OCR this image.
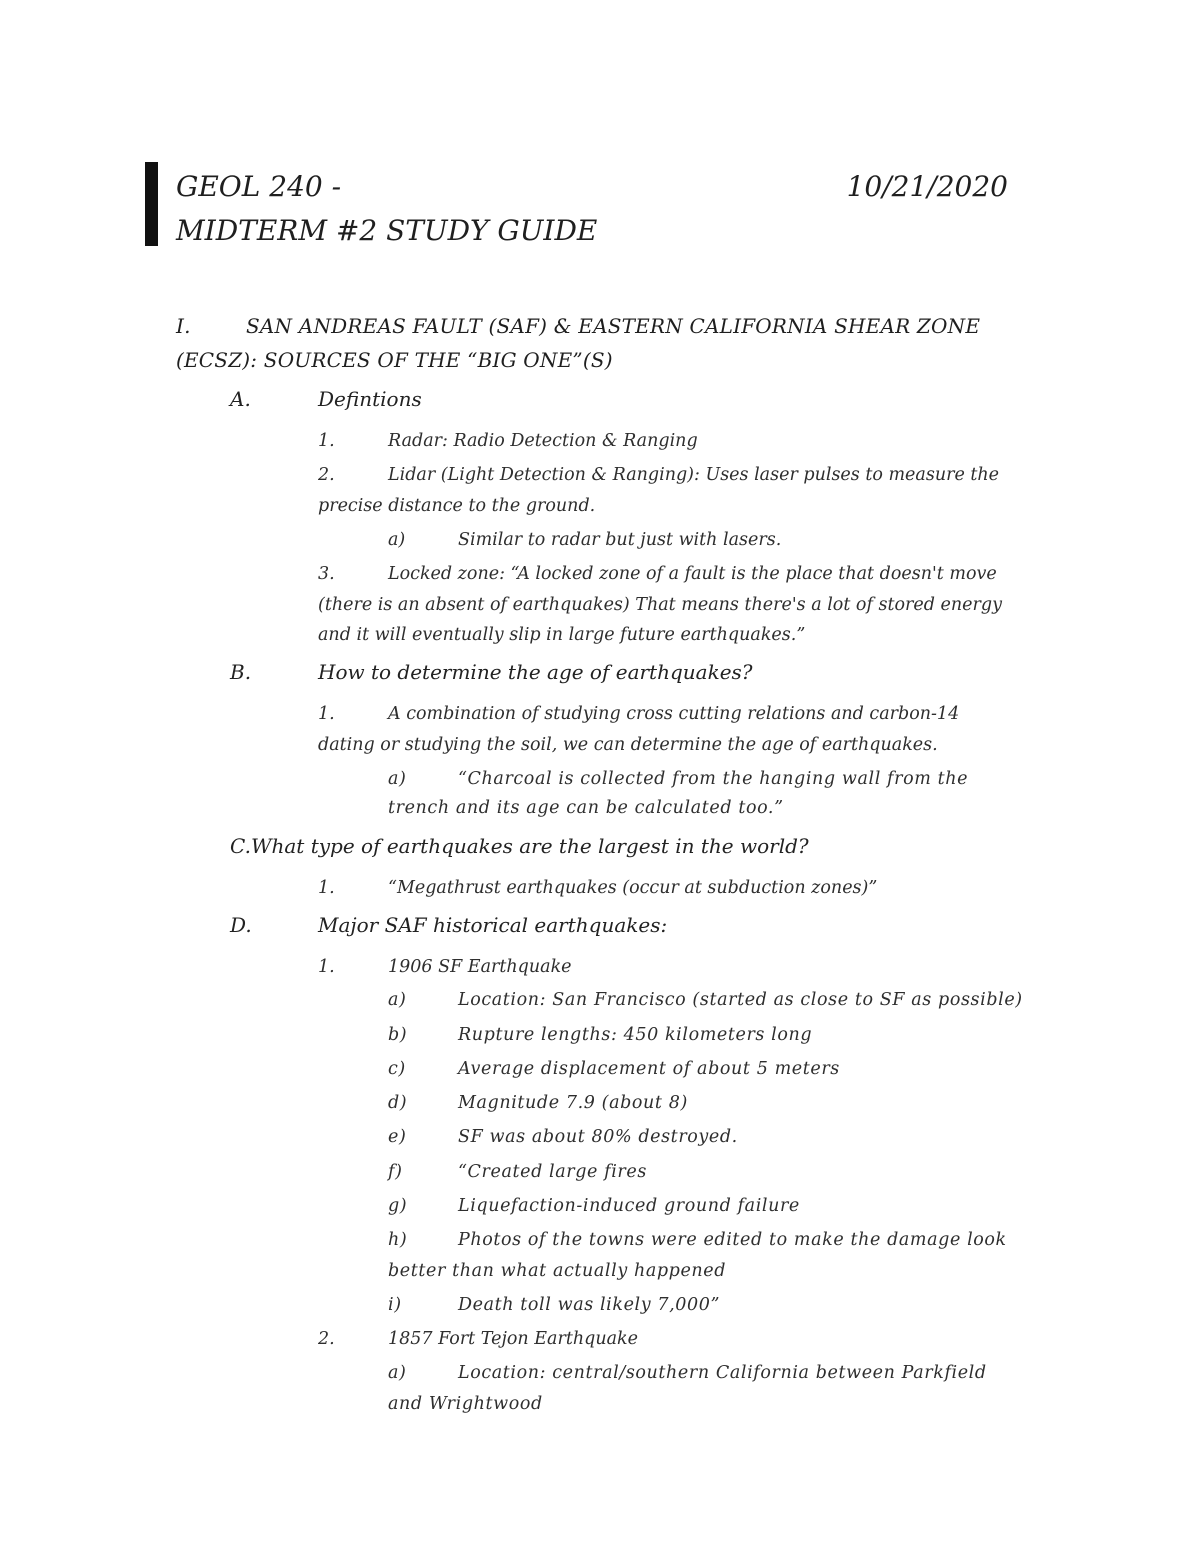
GEOL 240 -
MIDTERM #2 STUDY GUIDE
10/21/2020
I.	SAN ANDREAS FAULT (SAF) & EASTERN CALIFORNIA SHEAR ZONE
(ECSZ): SOURCES OF THE “BIG ONE”(S)
A.	Defintions
1.	Radar: Radio Detection & Ranging
2.	Lidar (Light Detection & Ranging): Uses laser pulses to measure the
precise distance to the ground.
a)	Similar to radar but just with lasers.
3.	Locked zone: “A locked zone of a fault is the place that doesn't move
(there is an absent of earthquakes) That means there's a lot of stored energy
and it will eventually slip in large future earthquakes.”
B.	How to determine the age of earthquakes?
1.	A combination of studying cross cutting relations and carbon-14
dating or studying the soil, we can determine the age of earthquakes.
a)	“Charcoal is collected from the hanging wall from the
trench and its age can be calculated too.”
C.What type of earthquakes are the largest in the world?
1.	“Megathrust earthquakes (occur at subduction zones)”
D.	Major SAF historical earthquakes:
1.	1906 SF Earthquake
a)	Location: San Francisco (started as close to SF as possible)
b)	Rupture lengths: 450 kilometers long
c)	Average displacement of about 5 meters
d)	Magnitude 7.9 (about 8)
e)	SF was about 80% destroyed.
f)	“Created large fires
g)	Liquefaction-induced ground failure
h)	Photos of the towns were edited to make the damage look
better than what actually happened
i)	Death toll was likely 7,000”
2.	1857 Fort Tejon Earthquake
a)	Location: central/southern California between Parkfield
and Wrightwood
